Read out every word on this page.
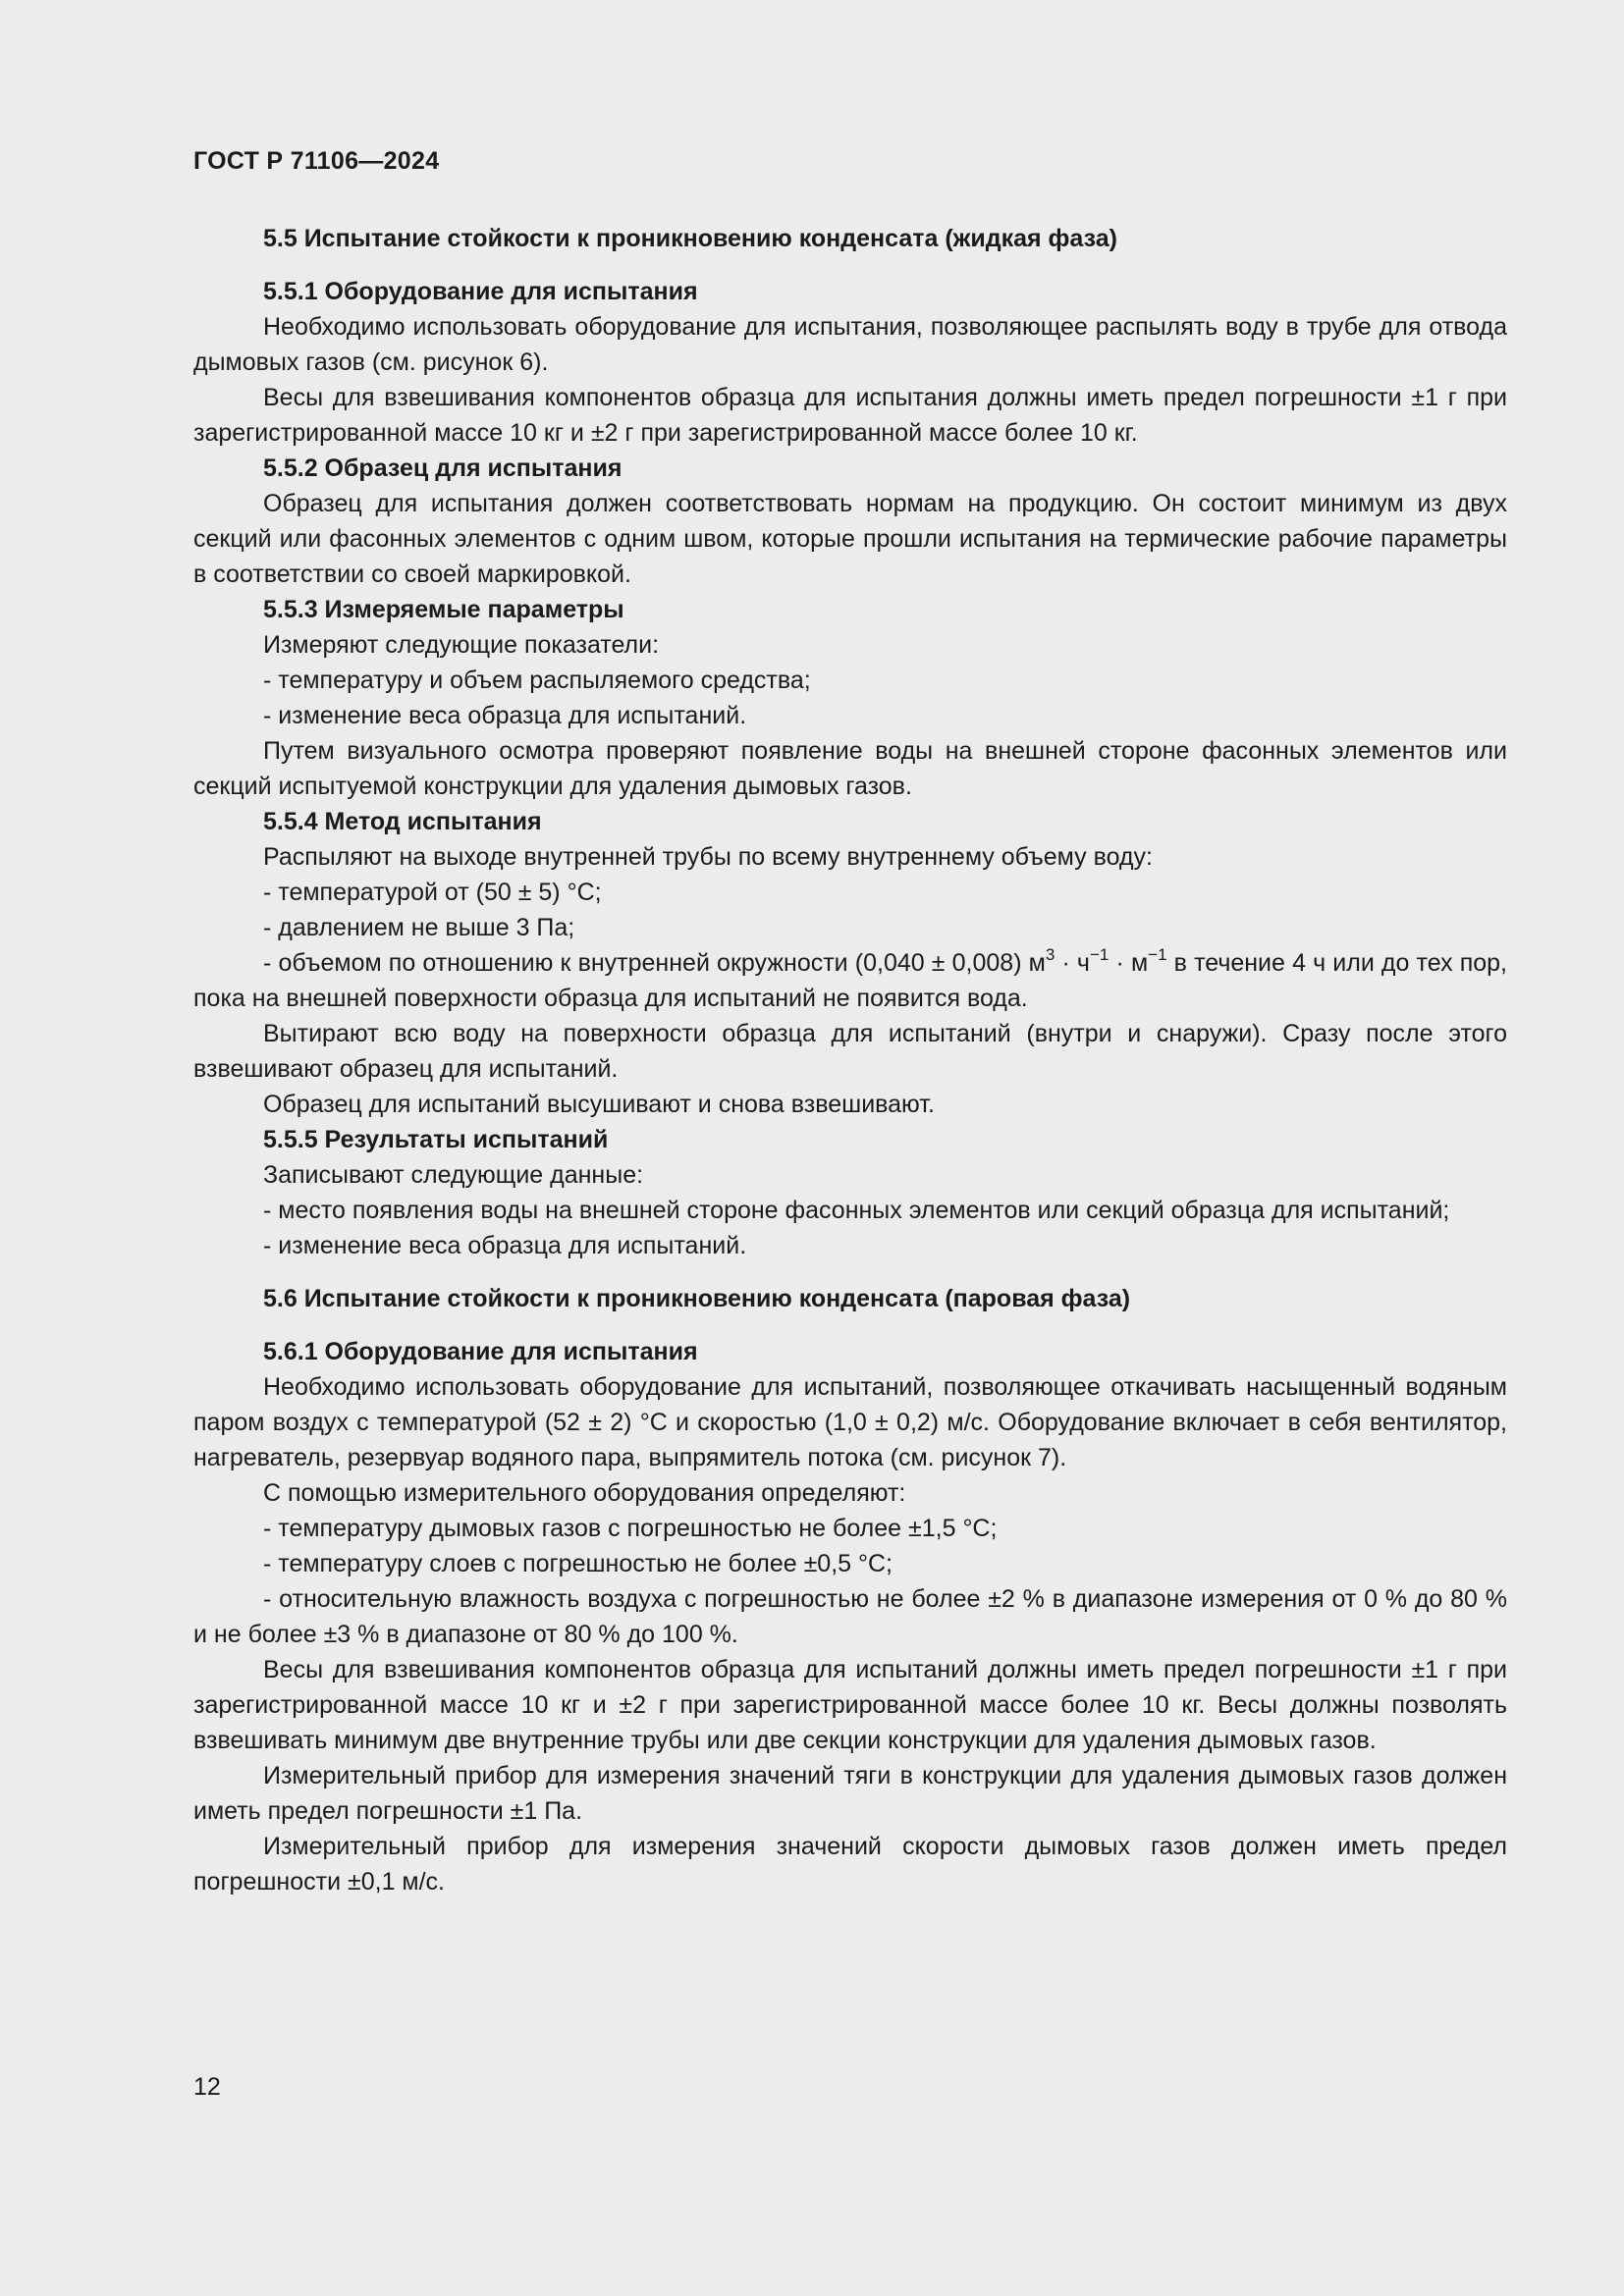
ГОСТ Р 71106—2024

5.5 Испытание стойкости к проникновению конденсата (жидкая фаза)

5.5.1 Оборудование для испытания

Необходимо использовать оборудование для испытания, позволяющее распылять воду в трубе для отвода дымовых газов (см. рисунок 6).

Весы для взвешивания компонентов образца для испытания должны иметь предел погрешности ±1 г при зарегистрированной массе 10 кг и ±2 г при зарегистрированной массе более 10 кг.

5.5.2 Образец для испытания

Образец для испытания должен соответствовать нормам на продукцию. Он состоит минимум из двух секций или фасонных элементов с одним швом, которые прошли испытания на термические рабочие параметры в соответствии со своей маркировкой.

5.5.3 Измеряемые параметры

Измеряют следующие показатели:

- температуру и объем распыляемого средства;

- изменение веса образца для испытаний.

Путем визуального осмотра проверяют появление воды на внешней стороне фасонных элементов или секций испытуемой конструкции для удаления дымовых газов.

5.5.4 Метод испытания

Распыляют на выходе внутренней трубы по всему внутреннему объему воду:

- температурой от (50 ± 5) °С;

- давлением не выше 3 Па;

- объемом по отношению к внутренней окружности (0,040 ± 0,008) $м^3 \cdot ч^{-1} \cdot м^{-1}$ в течение 4 ч или до тех пор, пока на внешней поверхности образца для испытаний не появится вода.

Вытирают всю воду на поверхности образца для испытаний (внутри и снаружи). Сразу после этого взвешивают образец для испытаний.

Образец для испытаний высушивают и снова взвешивают.

5.5.5 Результаты испытаний

Записывают следующие данные:

- место появления воды на внешней стороне фасонных элементов или секций образца для испытаний;

- изменение веса образца для испытаний.

5.6 Испытание стойкости к проникновению конденсата (паровая фаза)

5.6.1 Оборудование для испытания

Необходимо использовать оборудование для испытаний, позволяющее откачивать насыщенный водяным паром воздух с температурой (52 ± 2) °С и скоростью (1,0 ± 0,2) м/с. Оборудование включает в себя вентилятор, нагреватель, резервуар водяного пара, выпрямитель потока (см. рисунок 7).

С помощью измерительного оборудования определяют:

- температуру дымовых газов с погрешностью не более ±1,5 °С;

- температуру слоев с погрешностью не более ±0,5 °С;

- относительную влажность воздуха с погрешностью не более ±2 % в диапазоне измерения от 0 % до 80 % и не более ±3 % в диапазоне от 80 % до 100 %.

Весы для взвешивания компонентов образца для испытаний должны иметь предел погрешности ±1 г при зарегистрированной массе 10 кг и ±2 г при зарегистрированной массе более 10 кг. Весы должны позволять взвешивать минимум две внутренние трубы или две секции конструкции для удаления дымовых газов.

Измерительный прибор для измерения значений тяги в конструкции для удаления дымовых газов должен иметь предел погрешности ±1 Па.

Измерительный прибор для измерения значений скорости дымовых газов должен иметь предел погрешности ±0,1 м/с.

12
